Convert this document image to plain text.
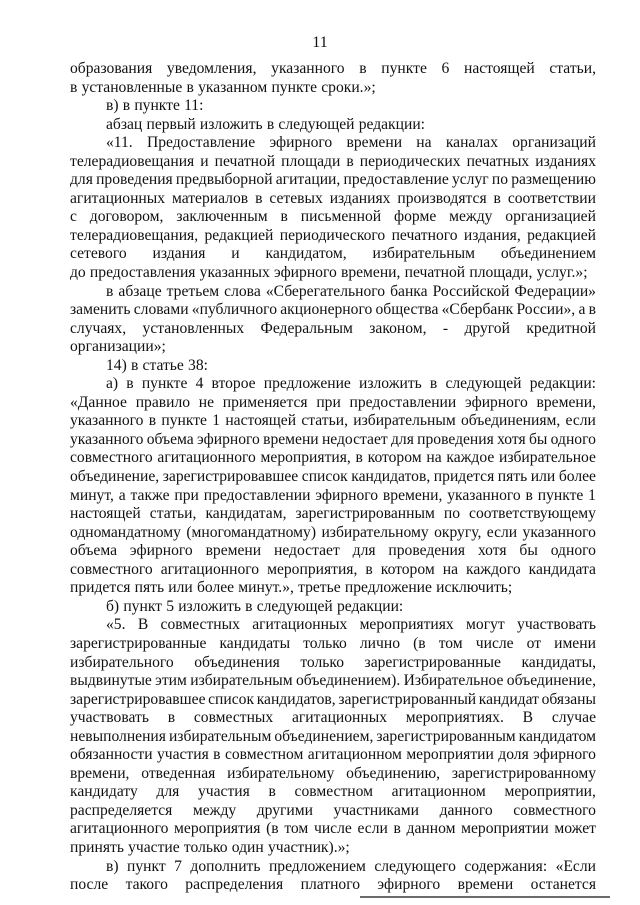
11
образования уведомления, указанного в пункте 6 настоящей статьи,
в установленные в указанном пункте сроки.»;
в) в пункте 11:
абзац первый изложить в следующей редакции:
«11. Предоставление эфирного времени на каналах организаций
телерадиовещания и печатной площади в периодических печатных изданиях
для проведения предвыборной агитации, предоставление услуг по размещению
агитационных материалов в сетевых изданиях производятся в соответствии
с договором, заключенным в письменной форме между организацией
телерадиовещания, редакцией периодического печатного издания, редакцией
сетевого издания и кандидатом, избирательным объединением
до предоставления указанных эфирного времени, печатной площади, услуг.»;
в абзаце третьем слова «Сберегательного банка Российской Федерации»
заменить словами «публичного акционерного общества «Сбербанк России», а в
случаях, установленных Федеральным законом, - другой кредитной
организации»;
14) в статье 38:
а) в пункте 4 второе предложение изложить в следующей редакции:
«Данное правило не применяется при предоставлении эфирного времени,
указанного в пункте 1 настоящей статьи, избирательным объединениям, если
указанного объема эфирного времени недостает для проведения хотя бы одного
совместного агитационного мероприятия, в котором на каждое избирательное
объединение, зарегистрировавшее список кандидатов, придется пять или более
минут, а также при предоставлении эфирного времени, указанного в пункте 1
настоящей статьи, кандидатам, зарегистрированным по соответствующему
одномандатному (многомандатному) избирательному округу, если указанного
объема эфирного времени недостает для проведения хотя бы одного
совместного агитационного мероприятия, в котором на каждого кандидата
придется пять или более минут.», третье предложение исключить;
б) пункт 5 изложить в следующей редакции:
«5. В совместных агитационных мероприятиях могут участвовать
зарегистрированные кандидаты только лично (в том числе от имени
избирательного объединения только зарегистрированные кандидаты,
выдвинутые этим избирательным объединением). Избирательное объединение,
зарегистрировавшее список кандидатов, зарегистрированный кандидат обязаны
участвовать в совместных агитационных мероприятиях. В случае
невыполнения избирательным объединением, зарегистрированным кандидатом
обязанности участия в совместном агитационном мероприятии доля эфирного
времени, отведенная избирательному объединению, зарегистрированному
кандидату для участия в совместном агитационном мероприятии,
распределяется между другими участниками данного совместного
агитационного мероприятия (в том числе если в данном мероприятии может
принять участие только один участник).»;
в) пункт 7 дополнить предложением следующего содержания: «Если
после такого распределения платного эфирного времени останется
